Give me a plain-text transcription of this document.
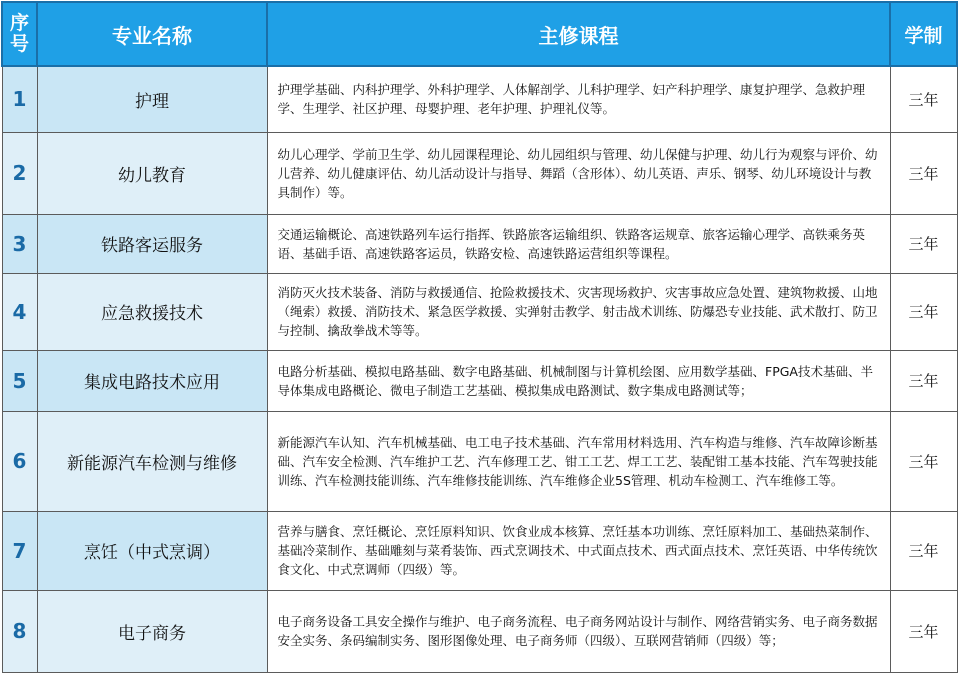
序号	专业名称	主修课程	学制
1	护理	护理学基础、内科护理学、外科护理学、人体解剖学、儿科护理学、妇产科护理学、康复护理学、急救护理学、生理学、社区护理、母婴护理、老年护理、护理礼仪等。	三年
2	幼儿教育	幼儿心理学、学前卫生学、幼儿园课程理论、幼儿园组织与管理、幼儿保健与护理、幼儿行为观察与评价、幼儿营养、幼儿健康评估、幼儿活动设计与指导、舞蹈（含形体）、幼儿英语、声乐、钢琴、幼儿环境设计与教具制作）等。	三年
3	铁路客运服务	交通运输概论、高速铁路列车运行指挥、铁路旅客运输组织、铁路客运规章、旅客运输心理学、高铁乘务英语、基础手语、高速铁路客运员，铁路安检、高速铁路运营组织等课程。	三年
4	应急救援技术	消防灭火技术装备、消防与救援通信、抢险救援技术、灾害现场救护、灾害事故应急处置、建筑物救援、山地（绳索）救援、消防技术、紧急医学救援、实弹射击教学、射击战术训练、防爆恐专业技能、武术散打、防卫与控制、擒敌拳战术等等。	三年
5	集成电路技术应用	电路分析基础、模拟电路基础、数字电路基础、机械制图与计算机绘图、应用数学基础、FPGA技术基础、半导体集成电路概论、微电子制造工艺基础、模拟集成电路测试、数字集成电路测试等；	三年
6	新能源汽车检测与维修	新能源汽车认知、汽车机械基础、电工电子技术基础、汽车常用材料选用、汽车构造与维修、汽车故障诊断基础、汽车安全检测、汽车维护工艺、汽车修理工艺、钳工工艺、焊工工艺、装配钳工基本技能、汽车驾驶技能训练、汽车检测技能训练、汽车维修技能训练、汽车维修企业5S管理、机动车检测工、汽车维修工等。	三年
7	烹饪（中式烹调）	营养与膳食、烹饪概论、烹饪原料知识、饮食业成本核算、烹饪基本功训练、烹饪原料加工、基础热菜制作、基础冷菜制作、基础雕刻与菜肴装饰、西式烹调技术、中式面点技术、西式面点技术、烹饪英语、中华传统饮食文化、中式烹调师（四级）等。	三年
8	电子商务	电子商务设备工具安全操作与维护、电子商务流程、电子商务网站设计与制作、网络营销实务、电子商务数据安全实务、条码编制实务、图形图像处理、电子商务师（四级）、互联网营销师（四级）等；	三年
